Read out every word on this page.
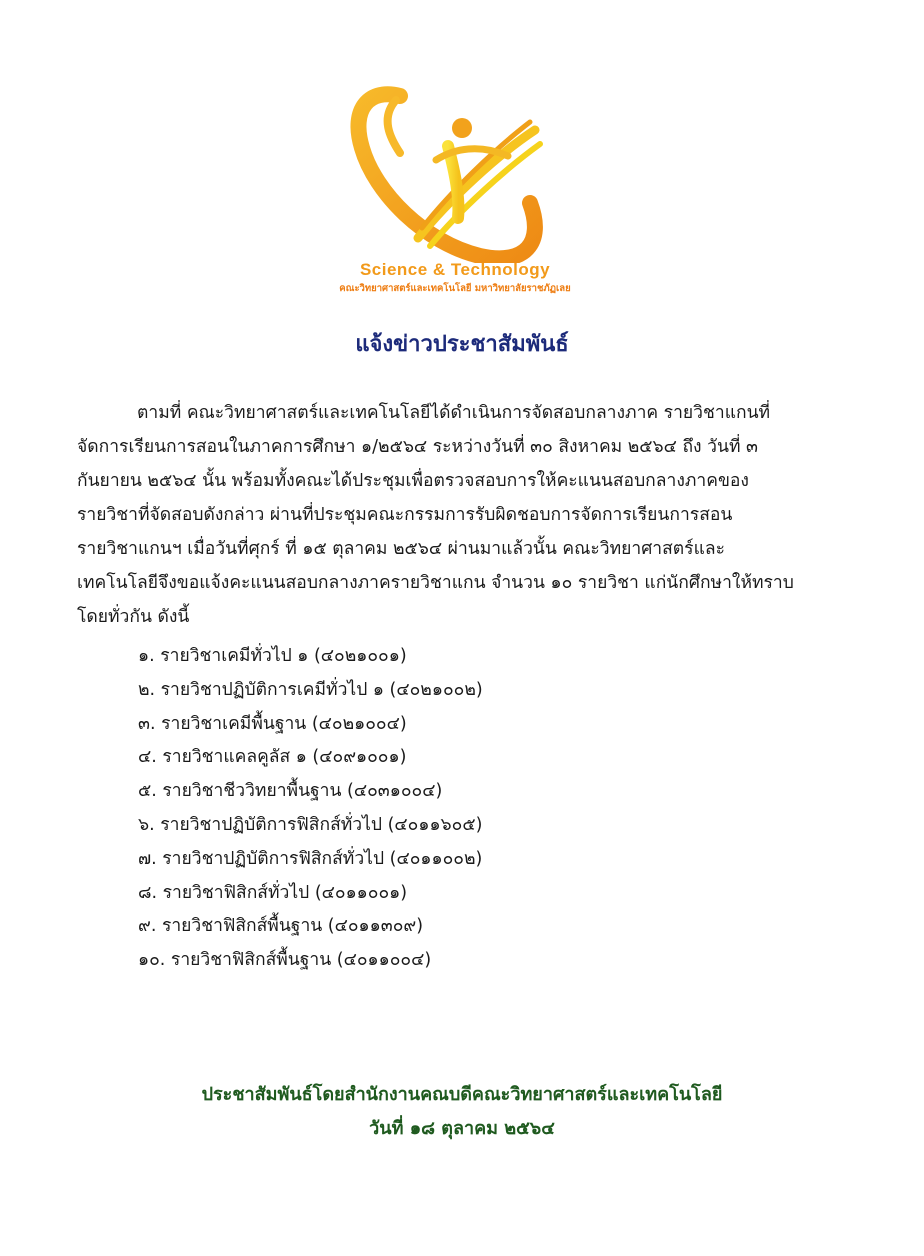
Science & Technology
คณะวิทยาศาสตร์และเทคโนโลยี มหาวิทยาลัยราชภัฏเลย
แจ้งข่าวประชาสัมพันธ์
ตามที่ คณะวิทยาศาสตร์และเทคโนโลยีได้ดำเนินการจัดสอบกลางภาค รายวิชาแกนที่
จัดการเรียนการสอนในภาคการศึกษา ๑/๒๕๖๔ ระหว่างวันที่ ๓๐ สิงหาคม ๒๕๖๔ ถึง วันที่ ๓
กันยายน ๒๕๖๔ นั้น พร้อมทั้งคณะได้ประชุมเพื่อตรวจสอบการให้คะแนนสอบกลางภาคของ
รายวิชาที่จัดสอบดังกล่าว ผ่านที่ประชุมคณะกรรมการรับผิดชอบการจัดการเรียนการสอน
รายวิชาแกนฯ เมื่อวันที่ศุกร์ ที่ ๑๕ ตุลาคม ๒๕๖๔ ผ่านมาแล้วนั้น คณะวิทยาศาสตร์และ
เทคโนโลยีจึงขอแจ้งคะแนนสอบกลางภาครายวิชาแกน จำนวน ๑๐ รายวิชา แก่นักศึกษาให้ทราบ
โดยทั่วกัน ดังนี้
๑. รายวิชาเคมีทั่วไป ๑ (๔๐๒๑๐๐๑)
๒. รายวิชาปฏิบัติการเคมีทั่วไป ๑ (๔๐๒๑๐๐๒)
๓. รายวิชาเคมีพื้นฐาน (๔๐๒๑๐๐๔)
๔. รายวิชาแคลคูลัส ๑ (๔๐๙๑๐๐๑)
๕. รายวิชาชีววิทยาพื้นฐาน (๔๐๓๑๐๐๔)
๖. รายวิชาปฏิบัติการฟิสิกส์ทั่วไป (๔๐๑๑๖๐๕)
๗. รายวิชาปฏิบัติการฟิสิกส์ทั่วไป (๔๐๑๑๐๐๒)
๘. รายวิชาฟิสิกส์ทั่วไป (๔๐๑๑๐๐๑)
๙. รายวิชาฟิสิกส์พื้นฐาน (๔๐๑๑๓๐๙)
๑๐. รายวิชาฟิสิกส์พื้นฐาน (๔๐๑๑๐๐๔)
ประชาสัมพันธ์โดยสำนักงานคณบดีคณะวิทยาศาสตร์และเทคโนโลยี
วันที่ ๑๘ ตุลาคม ๒๕๖๔
